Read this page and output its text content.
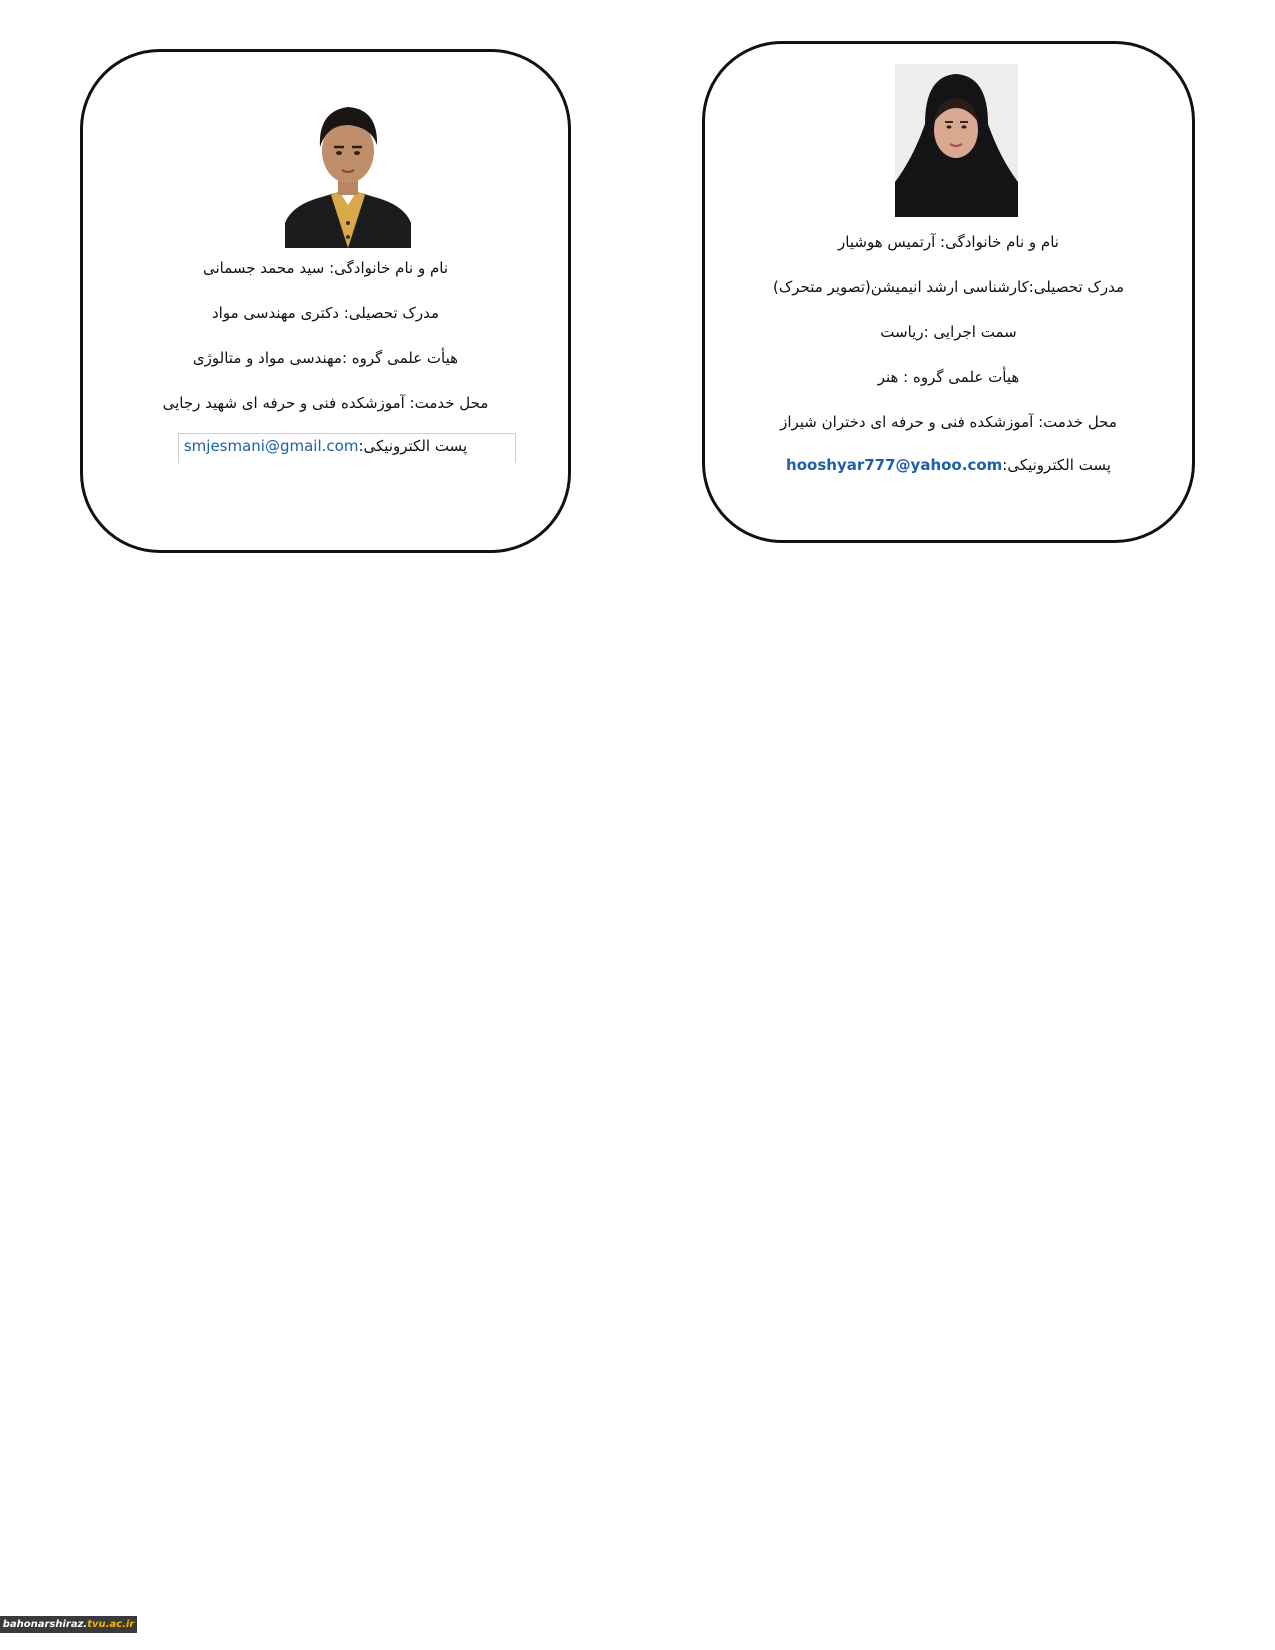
نام و نام خانوادگی: سید محمد جسمانی
مدرک تحصیلی: دکتری مهندسی مواد
هیأت علمی گروه :مهندسی مواد و متالوژی
محل خدمت: آموزشکده فنی و حرفه ای شهید رجایی
پست الکترونیکی:smjesmani@gmail.com
نام و نام خانوادگی: آرتمیس هوشیار
مدرک تحصیلی:کارشناسی ارشد انیمیشن(تصویر متحرک)
سمت اجرایی :ریاست
هیأت علمی گروه : هنر
محل خدمت: آموزشکده فنی و حرفه ای دختران شیراز
پست الکترونیکی:hooshyar777@yahoo.com
bahonarshiraz.tvu.ac.ir
